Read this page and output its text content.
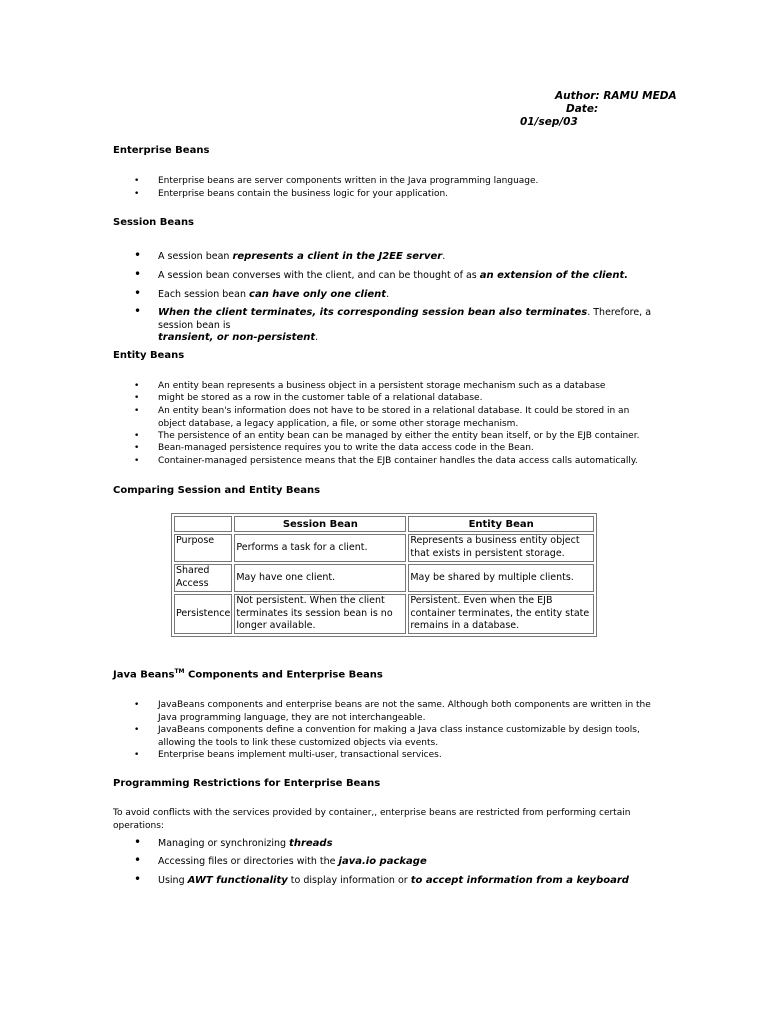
Author: RAMU MEDA
Date:
01/sep/03
Enterprise Beans
• Enterprise beans are server components written in the Java programming language.
• Enterprise beans contain the business logic for your application.
Session Beans
• A session bean represents a client in the J2EE server.
• A session bean converses with the client, and can be thought of as an extension of the client.
• Each session bean can have only one client.
• When the client terminates, its corresponding session bean also terminates. Therefore, a session bean is
transient, or non-persistent.
Entity Beans
• An entity bean represents a business object in a persistent storage mechanism such as a database
• might be stored as a row in the customer table of a relational database.
• An entity bean's information does not have to be stored in a relational database. It could be stored in an object database, a legacy application, a file, or some other storage mechanism.
• The persistence of an entity bean can be managed by either the entity bean itself, or by the EJB container.
• Bean-managed persistence requires you to write the data access code in the Bean.
• Container-managed persistence means that the EJB container handles the data access calls automatically.
Comparing Session and Entity Beans
	Session Bean	Entity Bean
Purpose	Performs a task for a client.	Represents a business entity object that exists in persistent storage.
Shared Access	May have one client.	May be shared by multiple clients.
Persistence	Not persistent. When the client terminates its session bean is no longer available.	Persistent. Even when the EJB container terminates, the entity state remains in a database.
Java Beans™ Components and Enterprise Beans
• JavaBeans components and enterprise beans are not the same. Although both components are written in the Java programming language, they are not interchangeable.
• JavaBeans components define a convention for making a Java class instance customizable by design tools, allowing the tools to link these customized objects via events.
• Enterprise beans implement multi-user, transactional services.
Programming Restrictions for Enterprise Beans
To avoid conflicts with the services provided by container,, enterprise beans are restricted from performing certain operations:
• Managing or synchronizing threads
• Accessing files or directories with the java.io package
• Using AWT functionality to display information or to accept information from a keyboard
